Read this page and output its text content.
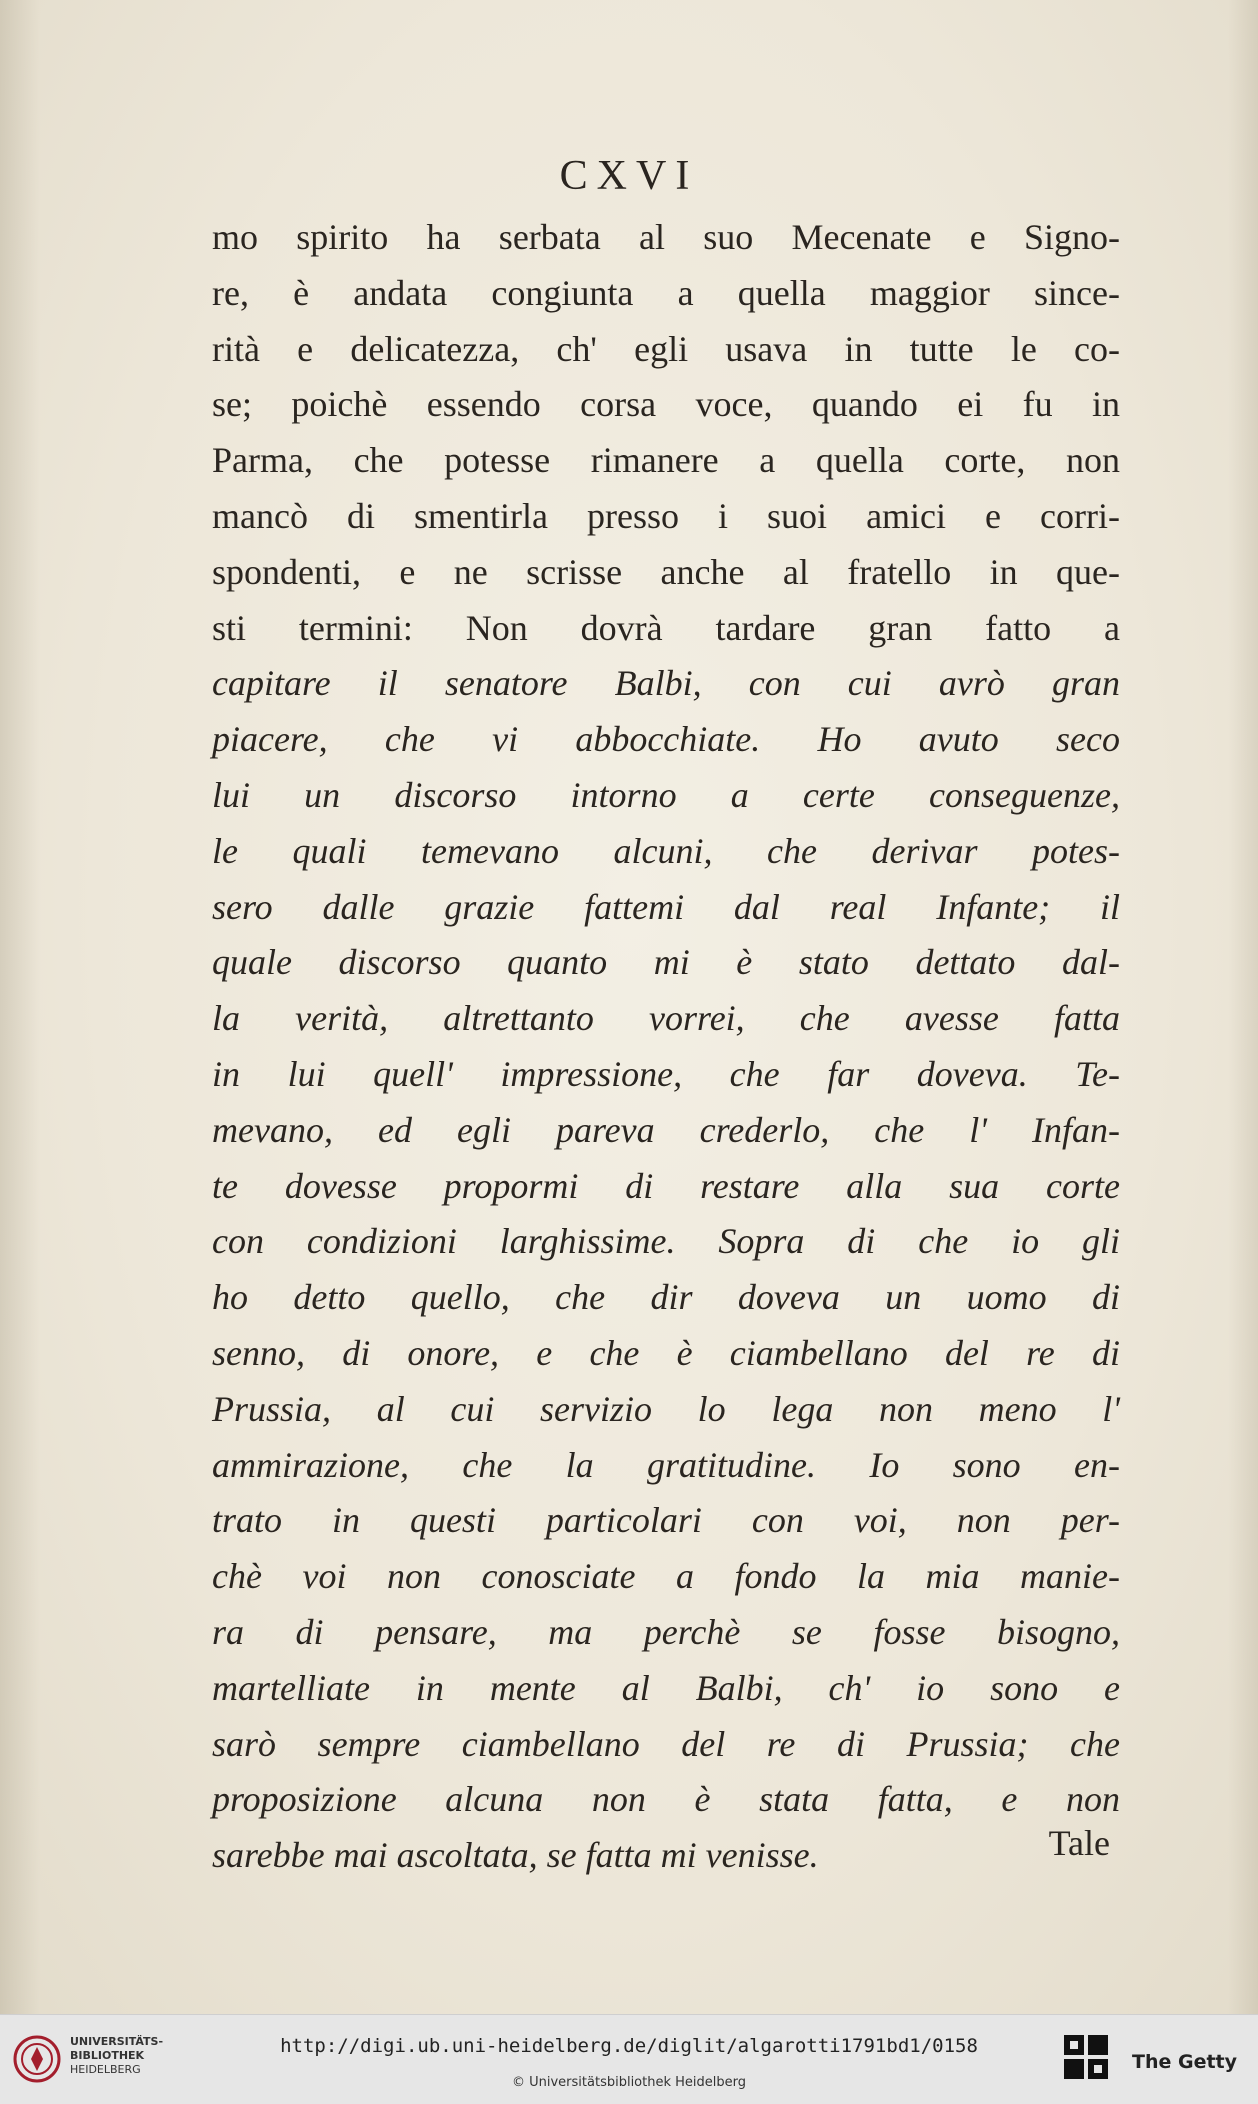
CXVI
mo spirito ha serbata al suo Mecenate e Signo-
re, è andata congiunta a quella maggior since-
rità e delicatezza, ch' egli usava in tutte le co-
se; poichè essendo corsa voce, quando ei fu in
Parma, che potesse rimanere a quella corte, non
mancò di smentirla presso i suoi amici e corri-
spondenti, e ne scrisse anche al fratello in que-
sti termini: Non dovrà tardare gran fatto a
capitare il senatore Balbi, con cui avrò gran
piacere, che vi abbocchiate. Ho avuto seco
lui un discorso intorno a certe conseguenze,
le quali temevano alcuni, che derivar potes-
sero dalle grazie fattemi dal real Infante; il
quale discorso quanto mi è stato dettato dal-
la verità, altrettanto vorrei, che avesse fatta
in lui quell' impressione, che far doveva. Te-
mevano, ed egli pareva crederlo, che l' Infan-
te dovesse propormi di restare alla sua corte
con condizioni larghissime. Sopra di che io gli
ho detto quello, che dir doveva un uomo di
senno, di onore, e che è ciambellano del re di
Prussia, al cui servizio lo lega non meno l'
ammirazione, che la gratitudine. Io sono en-
trato in questi particolari con voi, non per-
chè voi non conosciate a fondo la mia manie-
ra di pensare, ma perchè se fosse bisogno,
martelliate in mente al Balbi, ch' io sono e
sarò sempre ciambellano del re di Prussia; che
proposizione alcuna non è stata fatta, e non
sarebbe mai ascoltata, se fatta mi venisse.	Tale
UNIVERSITÄTS-
BIBLIOTHEK
HEIDELBERG
http://digi.ub.uni-heidelberg.de/diglit/algarotti1791bd1/0158
© Universitätsbibliothek Heidelberg
The Getty
